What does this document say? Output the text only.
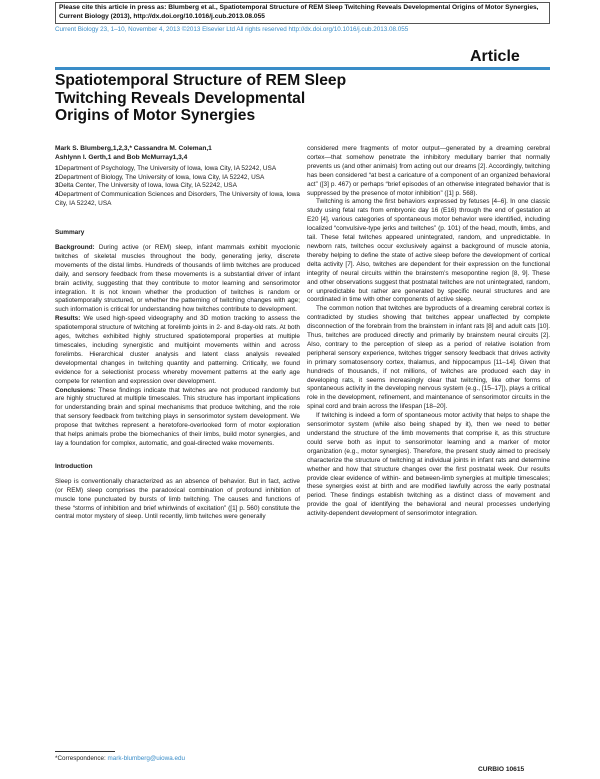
Please cite this article in press as: Blumberg et al., Spatiotemporal Structure of REM Sleep Twitching Reveals Developmental Origins of Motor Synergies, Current Biology (2013), http://dx.doi.org/10.1016/j.cub.2013.08.055
Current Biology 23, 1–10, November 4, 2013 ©2013 Elsevier Ltd All rights reserved http://dx.doi.org/10.1016/j.cub.2013.08.055
Article
Spatiotemporal Structure of REM Sleep Twitching Reveals Developmental Origins of Motor Synergies
Mark S. Blumberg,1,2,3,* Cassandra M. Coleman,1
Ashlynn I. Gerth,1 and Bob McMurray1,3,4
1Department of Psychology, The University of Iowa, Iowa City, IA 52242, USA
2Department of Biology, The University of Iowa, Iowa City, IA 52242, USA
3Delta Center, The University of Iowa, Iowa City, IA 52242, USA
4Department of Communication Sciences and Disorders, The University of Iowa, Iowa City, IA 52242, USA
Summary

Background: During active (or REM) sleep, infant mammals exhibit myoclonic twitches of skeletal muscles throughout the body, generating jerky, discrete movements of the distal limbs. Hundreds of thousands of limb twitches are produced daily, and sensory feedback from these movements is a substantial driver of infant brain activity, suggesting that they contribute to motor learning and sensorimotor integration. It is not known whether the production of twitches is random or spatiotemporally structured, or whether the patterning of twitching changes with age; such information is critical for understanding how twitches contribute to development.

Results: We used high-speed videography and 3D motion tracking to assess the spatiotemporal structure of twitching at forelimb joints in 2- and 8-day-old rats. At both ages, twitches exhibited highly structured spatiotemporal properties at multiple timescales, including synergistic and multijoint movements within and across forelimbs. Hierarchical cluster analysis and latent class analysis revealed developmental changes in twitching quantity and patterning. Critically, we found evidence for a selectionist process whereby movement patterns at the early age compete for retention and expression over development.

Conclusions: These findings indicate that twitches are not produced randomly but are highly structured at multiple timescales. This structure has important implications for understanding brain and spinal mechanisms that produce twitching, and the role that sensory feedback from twitching plays in sensorimotor system development. We propose that twitches represent a heretofore-overlooked form of motor exploration that helps animals probe the biomechanics of their limbs, build motor synergies, and lay a foundation for complex, automatic, and goal-directed wake movements.

Introduction

Sleep is conventionally characterized as an absence of behavior. But in fact, active (or REM) sleep comprises the paradoxical combination of profound inhibition of muscle tone punctuated by bursts of limb twitching. The causes and functions of these “storms of inhibition and brief whirlwinds of excitation” ([1] p. 560) constitute the central motor mystery of sleep. Until recently, limb twitches were generally

considered mere fragments of motor output—generated by a dreaming cerebral cortex—that somehow penetrate the inhibitory medullary barrier that normally prevents us (and other animals) from acting out our dreams [2]. Accordingly, twitching has been considered “at best a caricature of a component of an organized behavioral act” ([3] p. 467) or perhaps “brief episodes of an otherwise integrated behavior that is suppressed by the presence of motor inhibition” ([1] p. 568).

Twitching is among the first behaviors expressed by fetuses [4–6]. In one classic study using fetal rats from embryonic day 16 (E16) through the end of gestation at E20 [4], various categories of spontaneous motor behavior were identified, including localized “convulsive-type jerks and twitches” (p. 101) of the head, mouth, limbs, and tail. These fetal twitches appeared unintegrated, random, and unpredictable. In newborn rats, twitches occur exclusively against a background of muscle atonia, thereby helping to define the state of active sleep before the development of cortical delta activity [7]. Also, twitches are dependent for their expression on the functional integrity of neural circuits within the brainstem’s mesopontine region [8, 9]. These and other observations suggest that postnatal twitches are not unintegrated, random, or unpredictable but rather are generated by specific neural structures and are coordinated in time with other components of active sleep.

The common notion that twitches are byproducts of a dreaming cerebral cortex is contradicted by studies showing that twitches appear unaffected by complete disconnection of the forebrain from the brainstem in infant rats [8] and adult cats [10]. Thus, twitches are produced directly and primarily by brainstem neural circuits [2]. Also, contrary to the perception of sleep as a period of relative isolation from peripheral sensory experience, twitches trigger sensory feedback that drives activity in primary somatosensory cortex, thalamus, and hippocampus [11–14]. Given that hundreds of thousands, if not millions, of twitches are produced each day in developing rats, it seems increasingly clear that twitching, like other forms of spontaneous activity in the developing nervous system (e.g., [15–17]), plays a critical role in the development, refinement, and maintenance of sensorimotor circuits in the spinal cord and brain across the lifespan [18–20].

If twitching is indeed a form of spontaneous motor activity that helps to shape the sensorimotor system (while also being shaped by it), then we need to better understand the structure of the limb movements that comprise it, as this structure could serve both as input to sensorimotor learning and a marker of motor organization (e.g., motor synergies). Therefore, the present study aimed to precisely characterize the structure of twitching at individual joints in infant rats and determine whether and how that structure changes over the first postnatal week. Our results provide clear evidence of within- and between-limb synergies at multiple timescales; these synergies exist at birth and are modified lawfully across the early postnatal period. These findings establish twitching as a distinct class of movement and provide the goal of identifying the behavioral and neural processes underlying activity-dependent development of sensorimotor integration.

*Correspondence: mark-blumberg@uiowa.edu
CURBIO 10615
